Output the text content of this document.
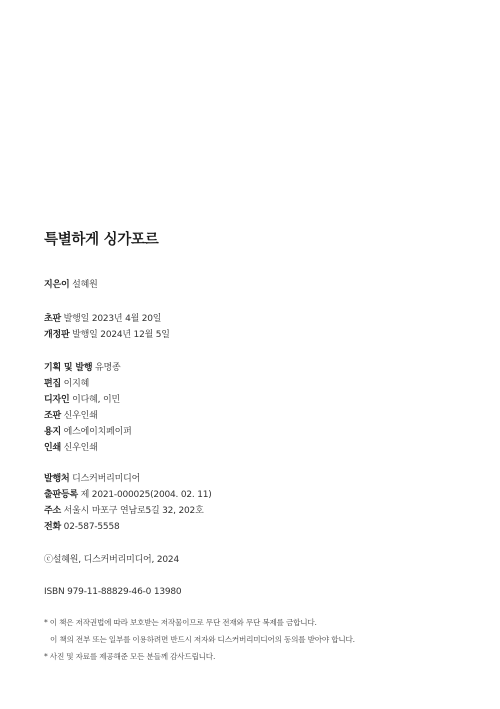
특별하게 싱가포르
지은이 설혜원
초판 발행일 2023년 4월 20일
개정판 발행일 2024년 12월 5일
기획 및 발행 유명종
편집 이지혜
디자인 이다혜, 이민
조판 신우인쇄
용지 에스에이치페이퍼
인쇄 신우인쇄
발행처 디스커버리미디어
출판등록 제 2021-000025(2004. 02. 11)
주소 서울시 마포구 연남로5길 32, 202호
전화 02-587-5558
ⓒ설혜원, 디스커버리미디어, 2024
ISBN 979-11-88829-46-0 13980
* 이 책은 저작권법에 따라 보호받는 저작물이므로 무단 전재와 무단 복제를 금합니다.
이 책의 전부 또는 일부를 이용하려면 반드시 저자와 디스커버리미디어의 동의를 받아야 합니다.
* 사진 및 자료를 제공해준 모든 분들께 감사드립니다.
